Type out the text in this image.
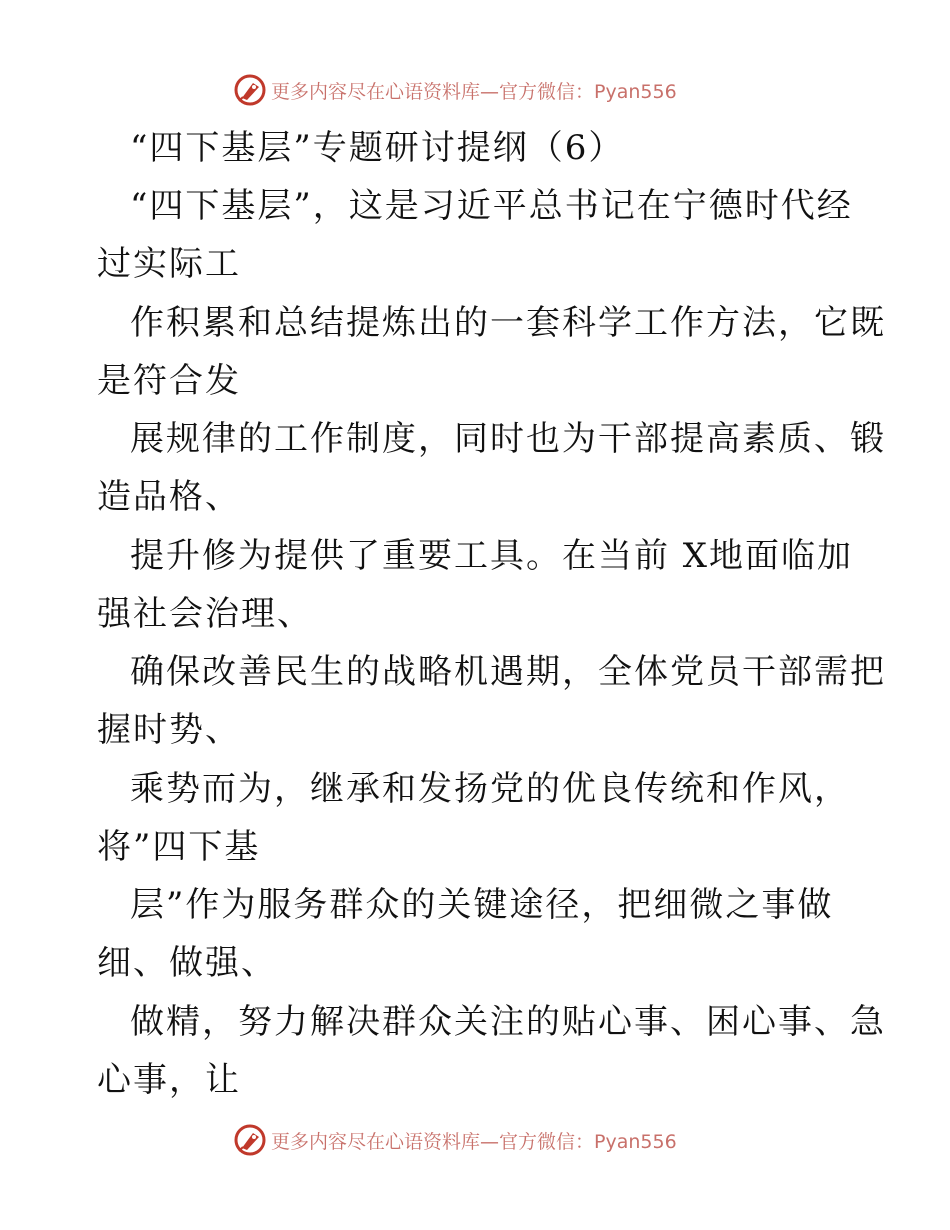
更多内容尽在心语资料库—官方微信：Pyan556
“四下基层”专题研讨提纲（6）
“四下基层”，这是习近平总书记在宁德时代经
过实际工
作积累和总结提炼出的一套科学工作方法，它既
是符合发
展规律的工作制度，同时也为干部提高素质、锻
造品格、
提升修为提供了重要工具。在当前 X地面临加
强社会治理、
确保改善民生的战略机遇期，全体党员干部需把
握时势、
乘势而为，继承和发扬党的优良传统和作风，
将”四下基
层”作为服务群众的关键途径，把细微之事做
细、做强、
做精，努力解决群众关注的贴心事、困心事、急
心事，让
更多内容尽在心语资料库—官方微信：Pyan556
